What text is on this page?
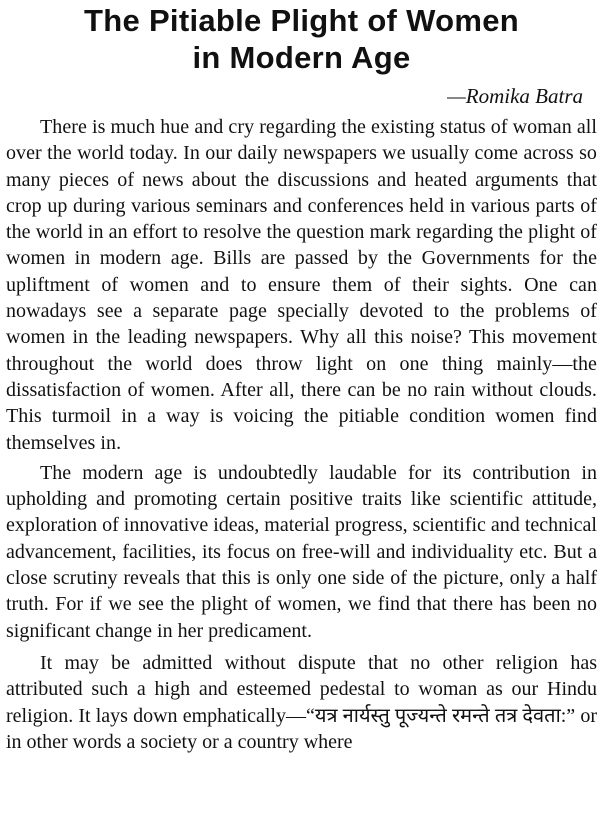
The Pitiable Plight of Women
in Modern Age
—Romika Batra

There is much hue and cry regarding the existing status of woman all over the world today. In our daily newspapers we usually come across so many pieces of news about the discussions and heated arguments that crop up during various seminars and conferences held in various parts of the world in an effort to resolve the question mark regarding the plight of women in modern age. Bills are passed by the Governments for the upliftment of women and to ensure them of their sights. One can nowadays see a separate page specially devoted to the problems of women in the leading newspapers. Why all this noise? This movement throughout the world does throw light on one thing mainly—the dissatisfaction of women. After all, there can be no rain without clouds. This turmoil in a way is voicing the pitiable condition women find themselves in.

The modern age is undoubtedly laudable for its contribution in upholding and promoting certain positive traits like scientific attitude, exploration of innovative ideas, material progress, scientific and technical advancement, facilities, its focus on free-will and individuality etc. But a close scrutiny reveals that this is only one side of the picture, only a half truth. For if we see the plight of women, we find that there has been no significant change in her predicament.

It may be admitted without dispute that no other religion has attributed such a high and esteemed pedestal to woman as our Hindu religion. It lays down emphatically—“यत्र नार्यस्तु पूज्यन्ते रमन्ते तत्र देवता:” or in other words a society or a country where
